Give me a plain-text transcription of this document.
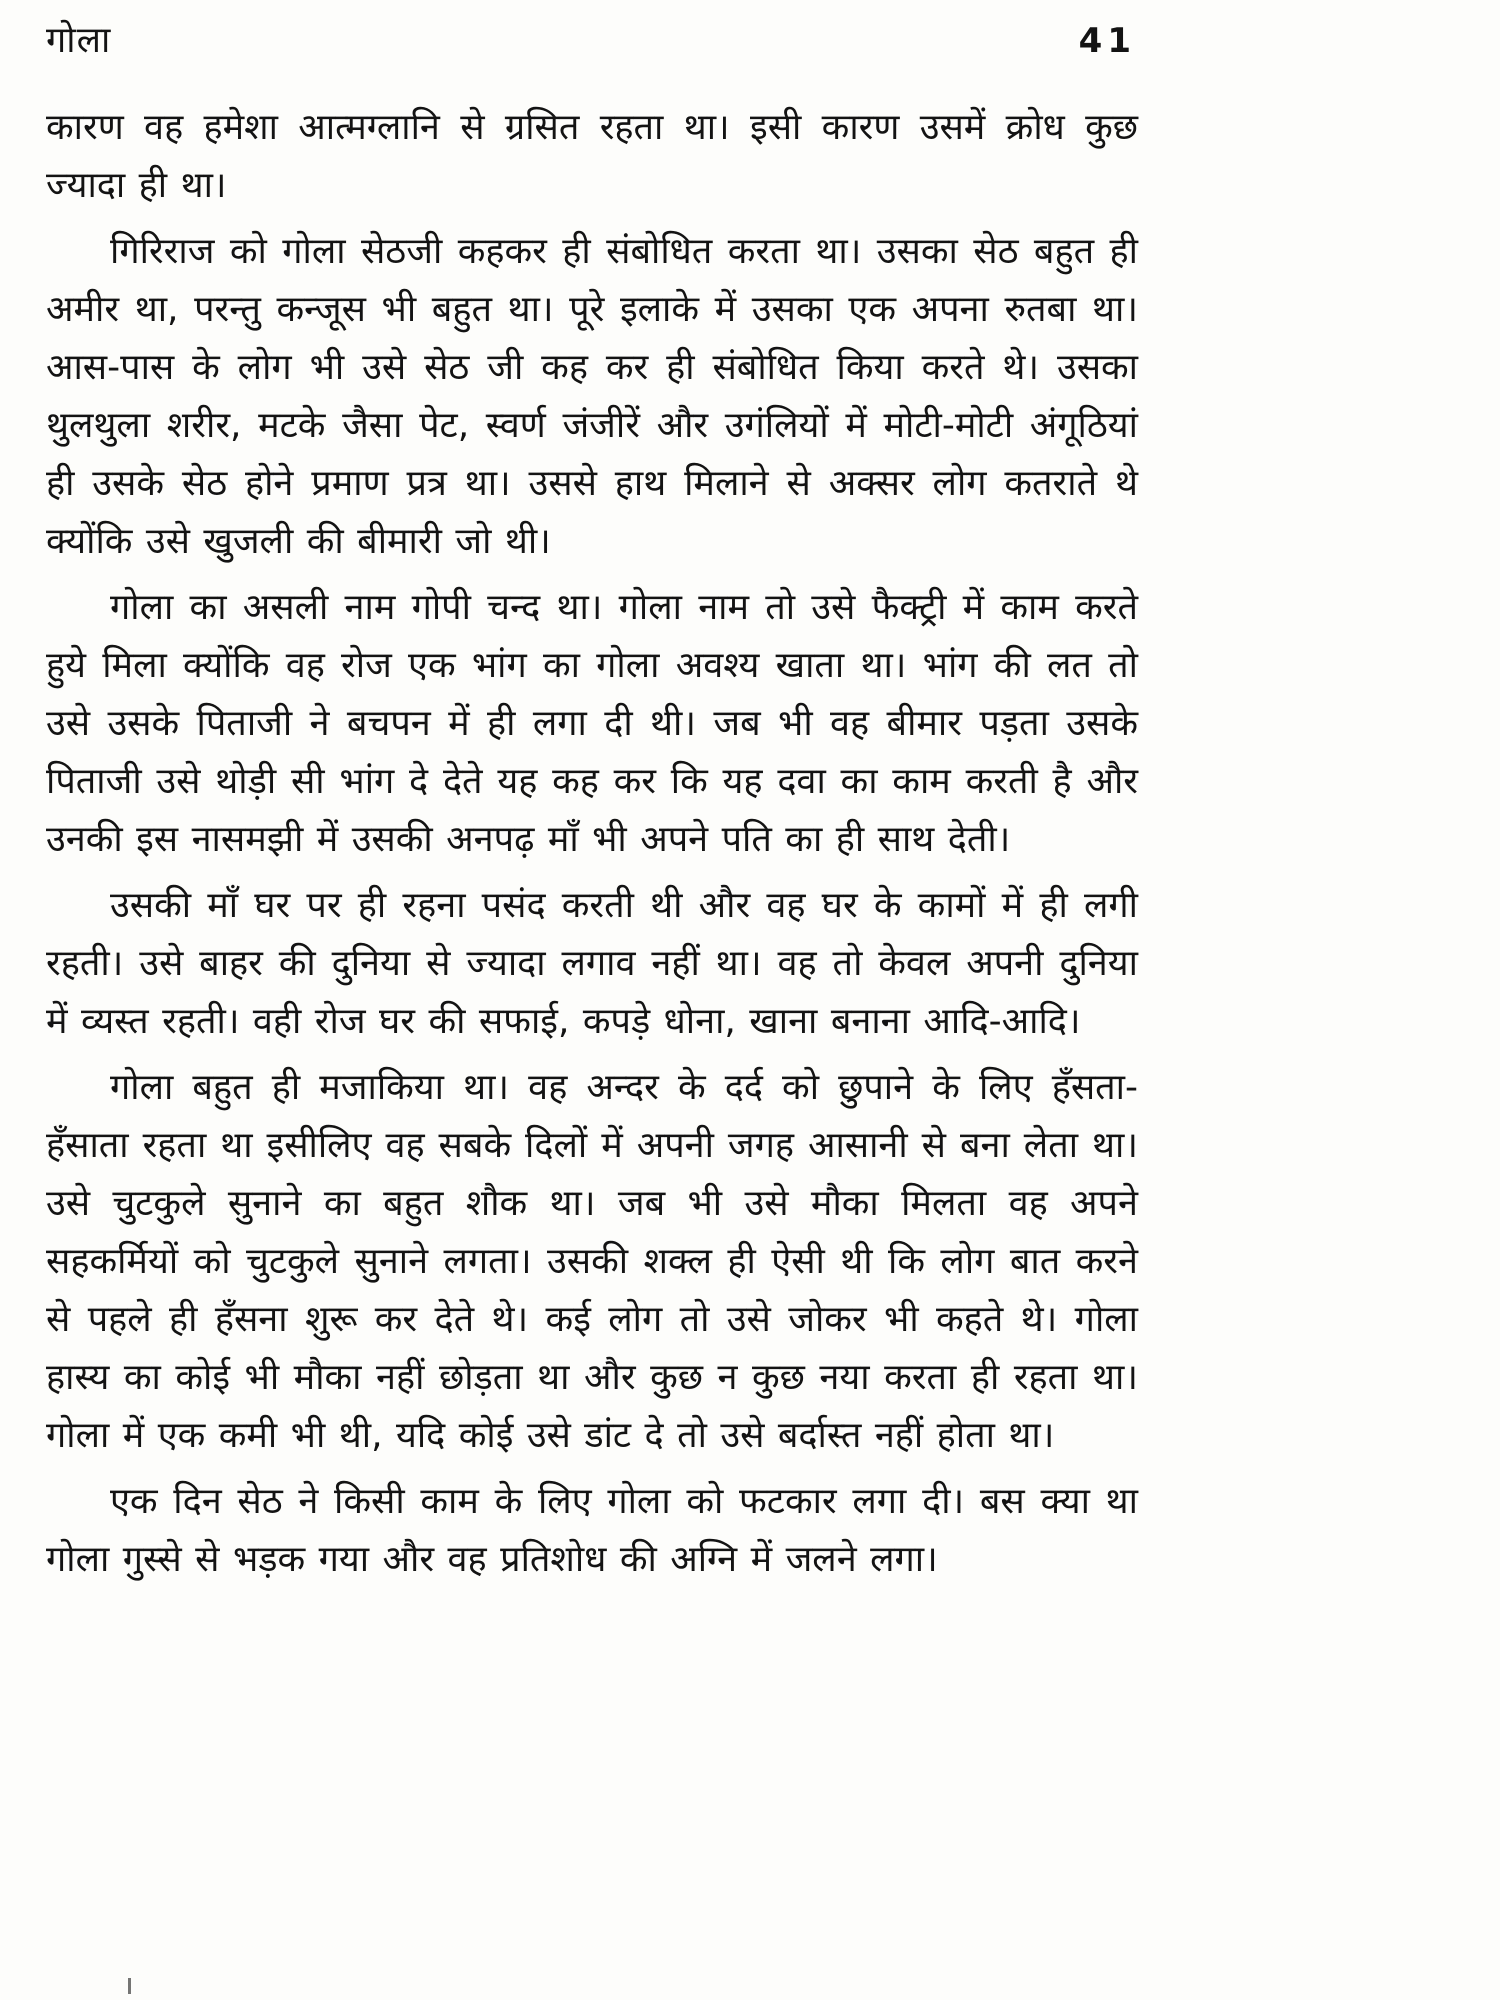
गोला	41

कारण वह हमेशा आत्मग्लानि से ग्रसित रहता था। इसी कारण उसमें क्रोध कुछ ज्यादा ही था।

गिरिराज को गोला सेठजी कहकर ही संबोधित करता था। उसका सेठ बहुत ही अमीर था, परन्तु कन्जूस भी बहुत था। पूरे इलाके में उसका एक अपना रुतबा था। आस-पास के लोग भी उसे सेठ जी कह कर ही संबोधित किया करते थे। उसका थुलथुला शरीर, मटके जैसा पेट, स्वर्ण जंजीरें और उगंलियों में मोटी-मोटी अंगूठियां ही उसके सेठ होने प्रमाण प्रत्र था। उससे हाथ मिलाने से अक्सर लोग कतराते थे क्योंकि उसे खुजली की बीमारी जो थी।

गोला का असली नाम गोपी चन्द था। गोला नाम तो उसे फैक्ट्री में काम करते हुये मिला क्योंकि वह रोज एक भांग का गोला अवश्य खाता था। भांग की लत तो उसे उसके पिताजी ने बचपन में ही लगा दी थी। जब भी वह बीमार पड़ता उसके पिताजी उसे थोड़ी सी भांग दे देते यह कह कर कि यह दवा का काम करती है और उनकी इस नासमझी में उसकी अनपढ़ माँ भी अपने पति का ही साथ देती।

उसकी माँ घर पर ही रहना पसंद करती थी और वह घर के कामों में ही लगी रहती। उसे बाहर की दुनिया से ज्यादा लगाव नहीं था। वह तो केवल अपनी दुनिया में व्यस्त रहती। वही रोज घर की सफाई, कपड़े धोना, खाना बनाना आदि-आदि।

गोला बहुत ही मजाकिया था। वह अन्दर के दर्द को छुपाने के लिए हँसता-हँसाता रहता था इसीलिए वह सबके दिलों में अपनी जगह आसानी से बना लेता था। उसे चुटकुले सुनाने का बहुत शौक था। जब भी उसे मौका मिलता वह अपने सहकर्मियों को चुटकुले सुनाने लगता। उसकी शक्ल ही ऐसी थी कि लोग बात करने से पहले ही हँसना शुरू कर देते थे। कई लोग तो उसे जोकर भी कहते थे। गोला हास्य का कोई भी मौका नहीं छोड़ता था और कुछ न कुछ नया करता ही रहता था। गोला में एक कमी भी थी, यदि कोई उसे डांट दे तो उसे बर्दास्त नहीं होता था।

एक दिन सेठ ने किसी काम के लिए गोला को फटकार लगा दी। बस क्या था गोला गुस्से से भड़क गया और वह प्रतिशोध की अग्नि में जलने लगा।
